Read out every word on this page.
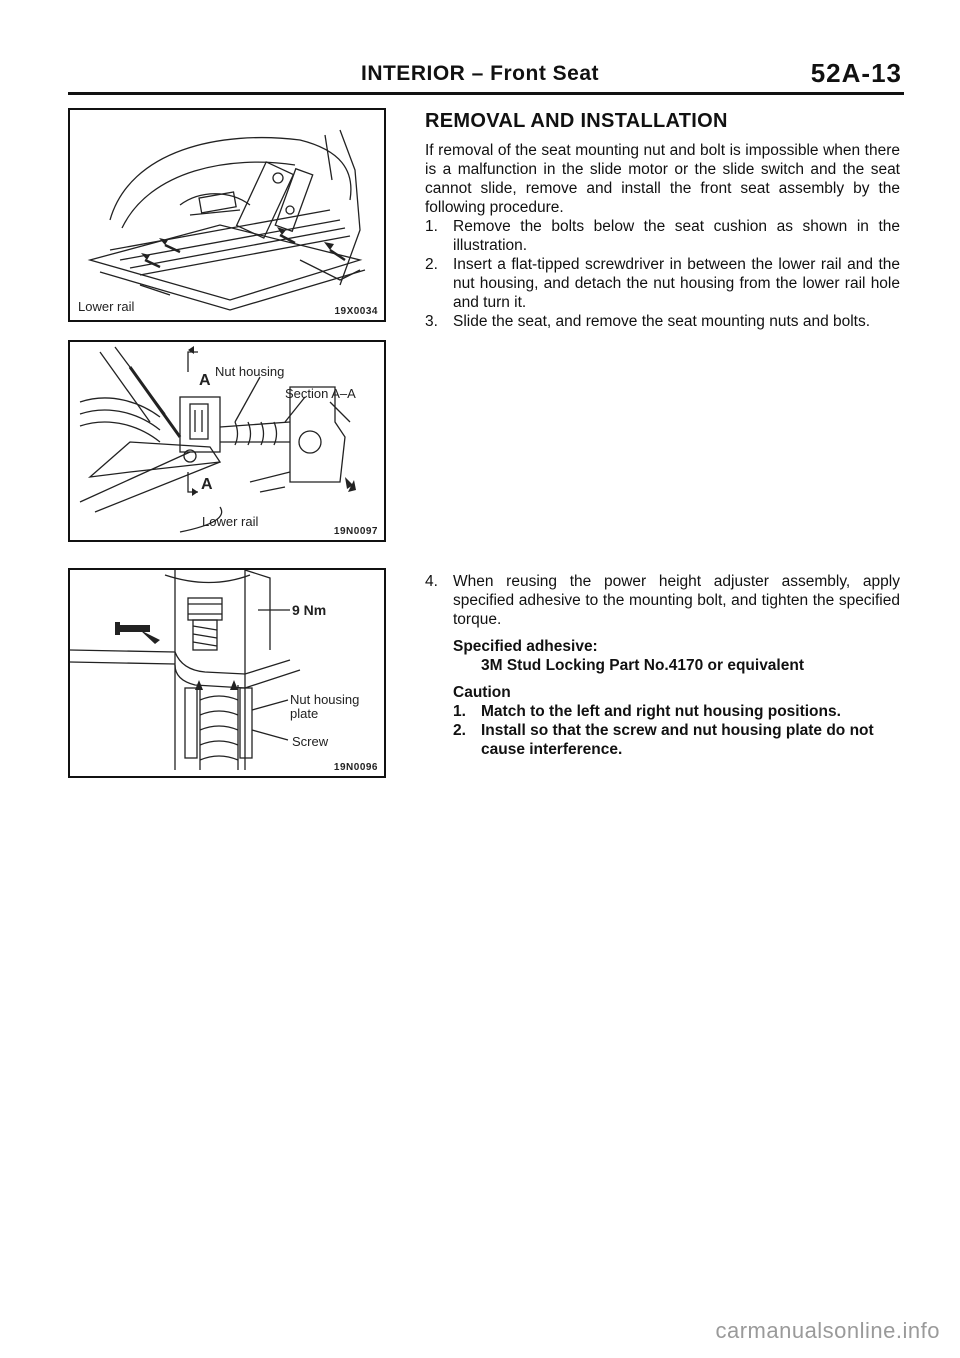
INTERIOR – Front Seat	52A-13
Lower rail	19X0034
Nut housing
Section A–A
A
A
Lower rail
19N0097
9 Nm
Nut housing
plate
Screw
19N0096
REMOVAL AND INSTALLATION

If removal of the seat mounting nut and bolt is impossible when there is a malfunction in the slide motor or the slide switch and the seat cannot slide, remove and install the front seat assembly by the following procedure.

1. Remove the bolts below the seat cushion as shown in the illustration.
2. Insert a flat-tipped screwdriver in between the lower rail and the nut housing, and detach the nut housing from the lower rail hole and turn it.
3. Slide the seat, and remove the seat mounting nuts and bolts.
4. When reusing the power height adjuster assembly, apply specified adhesive to the mounting bolt, and tighten the specified torque.
Specified adhesive:
3M Stud Locking Part No.4170 or equivalent
Caution
1. Match to the left and right nut housing positions.
2. Install so that the screw and nut housing plate do not cause interference.
carmanualsonline.info
